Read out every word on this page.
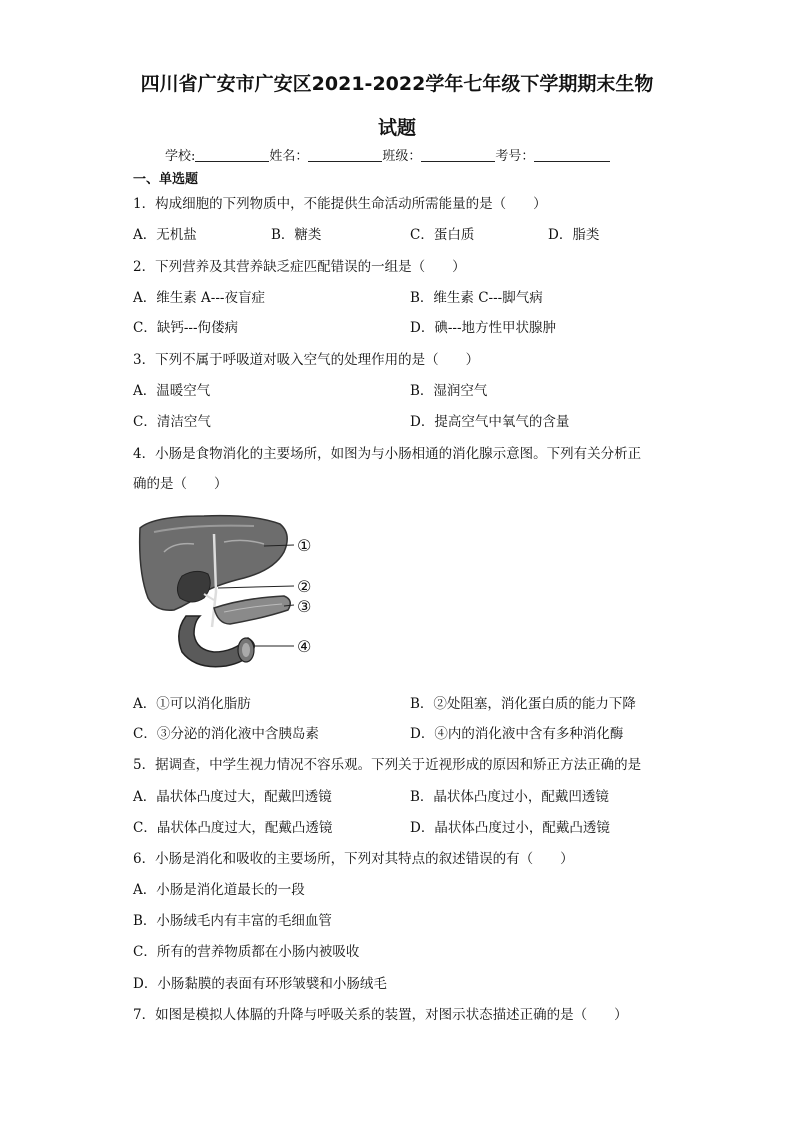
四川省广安市广安区2021-2022学年七年级下学期期末生物
试题
学校:	姓名：	班级：	考号：
一、单选题
1．构成细胞的下列物质中，不能提供生命活动所需能量的是（　　）
A．无机盐	B．糖类	C．蛋白质	D．脂类
2．下列营养及其营养缺乏症匹配错误的一组是（　　）
A．维生素 A---夜盲症	B．维生素 C---脚气病
C．缺钙---佝偻病	D．碘---地方性甲状腺肿
3．下列不属于呼吸道对吸入空气的处理作用的是（　　）
A．温暖空气	B．湿润空气
C．清洁空气	D．提高空气中氧气的含量
4．小肠是食物消化的主要场所，如图为与小肠相通的消化腺示意图。下列有关分析正
确的是（　　）
①
②
③
④
A．①可以消化脂肪	B．②处阻塞，消化蛋白质的能力下降
C．③分泌的消化液中含胰岛素	D．④内的消化液中含有多种消化酶
5．据调查，中学生视力情况不容乐观。下列关于近视形成的原因和矫正方法正确的是
A．晶状体凸度过大，配戴凹透镜	B．晶状体凸度过小，配戴凹透镜
C．晶状体凸度过大，配戴凸透镜	D．晶状体凸度过小，配戴凸透镜
6．小肠是消化和吸收的主要场所，下列对其特点的叙述错误的有（　　）
A．小肠是消化道最长的一段
B．小肠绒毛内有丰富的毛细血管
C．所有的营养物质都在小肠内被吸收
D．小肠黏膜的表面有环形皱襞和小肠绒毛
7．如图是模拟人体膈的升降与呼吸关系的装置，对图示状态描述正确的是（　　）
